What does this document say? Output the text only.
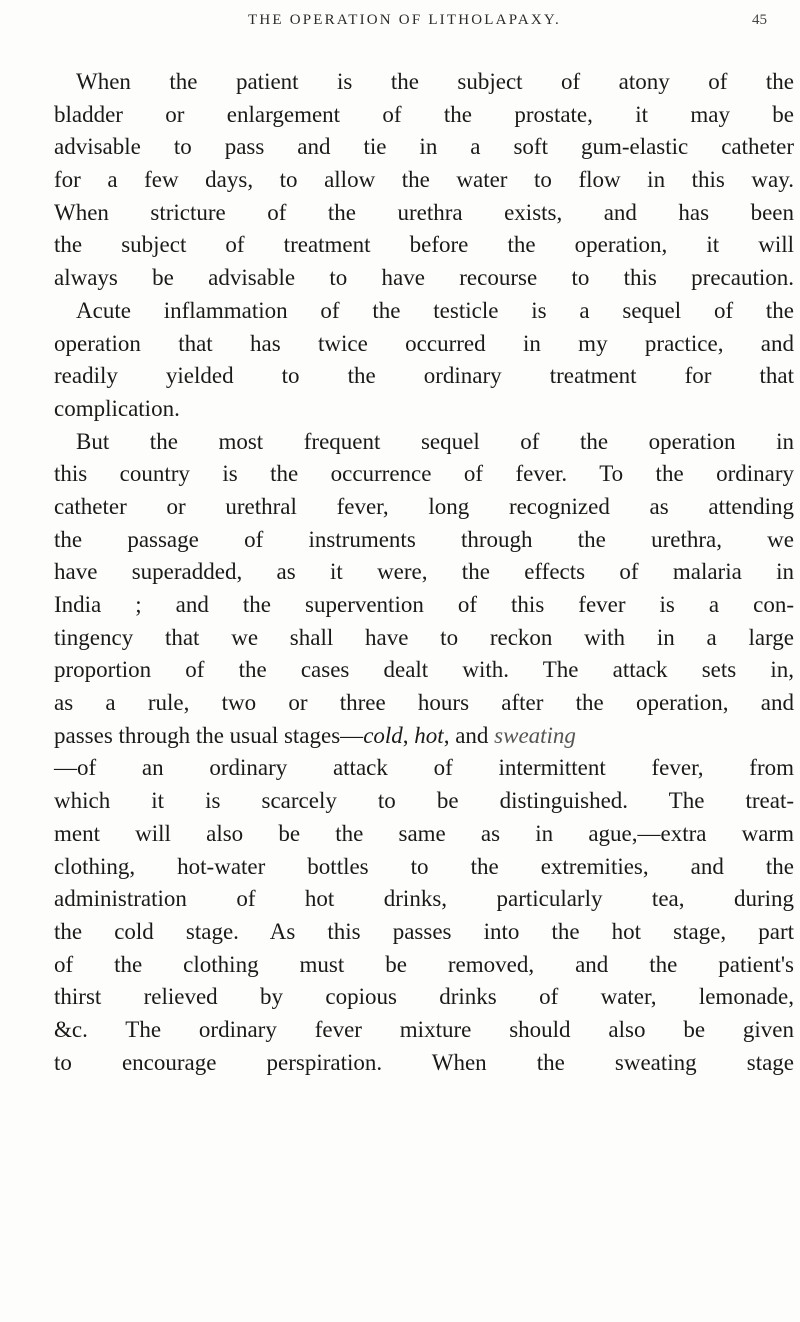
THE OPERATION OF LITHOLAPAXY.	45
When the patient is the subject of atony of the
bladder or enlargement of the prostate, it may be
advisable to pass and tie in a soft gum-elastic catheter
for a few days, to allow the water to flow in this way.
When stricture of the urethra exists, and has been
the subject of treatment before the operation, it will
always be advisable to have recourse to this precaution.
Acute inflammation of the testicle is a sequel of the
operation that has twice occurred in my practice, and
readily yielded to the ordinary treatment for that
complication.
But the most frequent sequel of the operation in
this country is the occurrence of fever. To the ordinary
catheter or urethral fever, long recognized as attending
the passage of instruments through the urethra, we
have superadded, as it were, the effects of malaria in
India ; and the supervention of this fever is a con-
tingency that we shall have to reckon with in a large
proportion of the cases dealt with. The attack sets in,
as a rule, two or three hours after the operation, and
passes through the usual stages—cold, hot, and sweating
—of an ordinary attack of intermittent fever, from
which it is scarcely to be distinguished. The treat-
ment will also be the same as in ague,—extra warm
clothing, hot-water bottles to the extremities, and the
administration of hot drinks, particularly tea, during
the cold stage. As this passes into the hot stage, part
of the clothing must be removed, and the patient's
thirst relieved by copious drinks of water, lemonade,
&c. The ordinary fever mixture should also be given
to encourage perspiration. When the sweating stage
